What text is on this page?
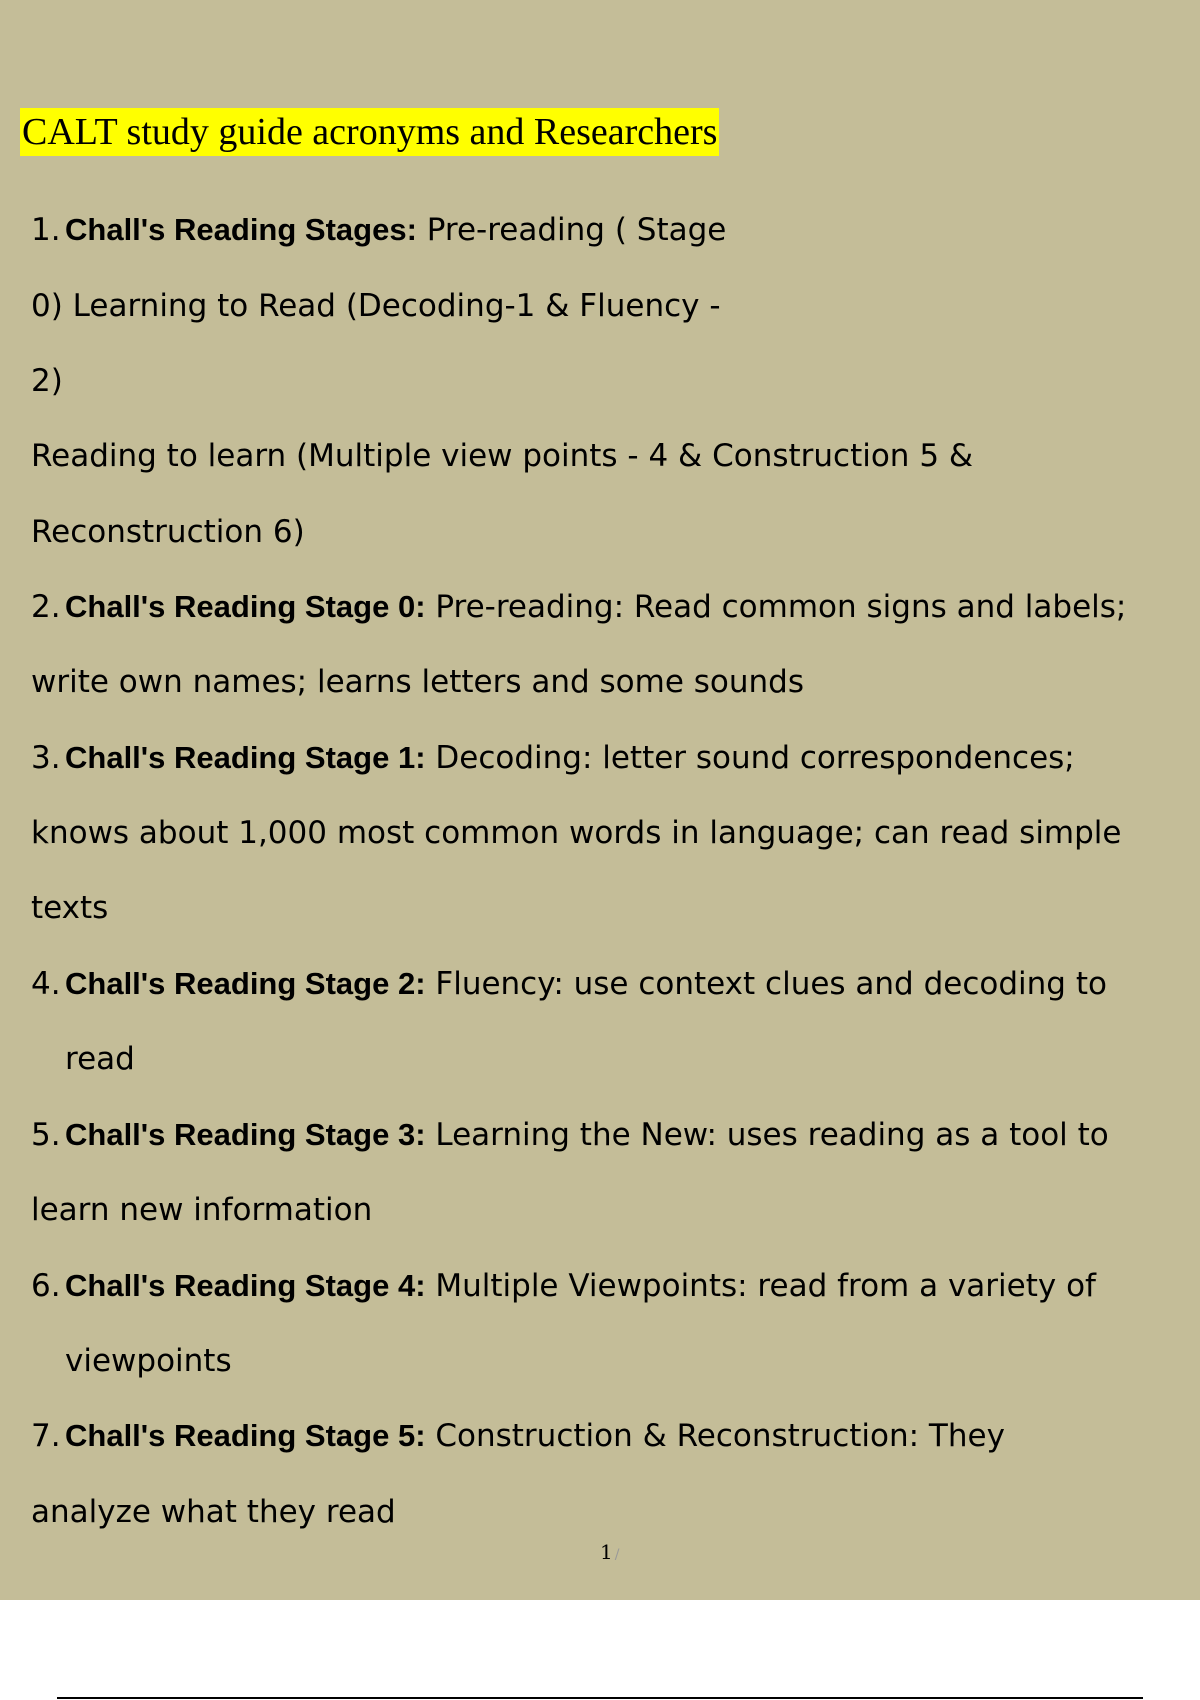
CALT study guide acronyms and Researchers
1. Chall's Reading Stages: Pre-reading ( Stage
0) Learning to Read (Decoding-1 & Fluency -
2)
Reading to learn (Multiple view points - 4 & Construction 5 &
Reconstruction 6)
2. Chall's Reading Stage 0: Pre-reading: Read common signs and labels;
write own names; learns letters and some sounds
3. Chall's Reading Stage 1: Decoding: letter sound correspondences;
knows about 1,000 most common words in language; can read simple
texts
4. Chall's Reading Stage 2: Fluency: use context clues and decoding to
read
5. Chall's Reading Stage 3: Learning the New: uses reading as a tool to
learn new information
6. Chall's Reading Stage 4: Multiple Viewpoints: read from a variety of
viewpoints
7. Chall's Reading Stage 5: Construction & Reconstruction: They
analyze what they read
1 /
